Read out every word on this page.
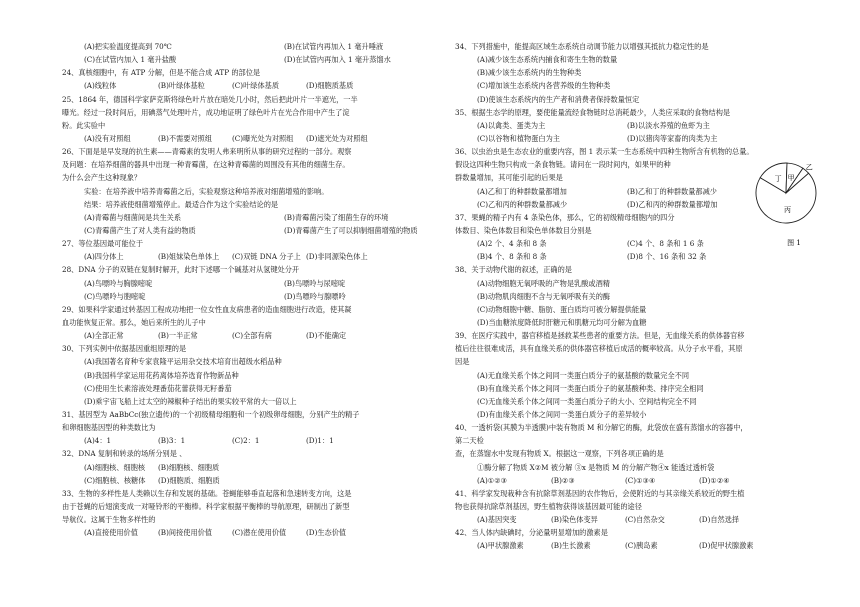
(A)把实验温度提高到 70℃	(B)在试管内再加入 1 毫升唾液
(C)在试管内加入 1 毫升盐酸	(D)在试管内再加入 1 毫升蒸馏水
24、真核细胞中，有 ATP 分解，但是不能合成 ATP 的部位是
(A)线粒体	(B)叶绿体基粒	(C)叶绿体基质	(D)细胞质基质
25、1864 年，德国科学家萨克斯将绿色叶片放在暗处几小时，然后把此叶片一半遮光，一半
曝光。经过一段时间后，用碘蒸气处理叶片，成功地证明了绿色叶片在光合作用中产生了淀
粉。此实验中
(A)没有对照组	(B)不需要对照组	(C)曝光处为对照组	(D)遮光处为对照组
26、下面是是早发现的抗生素——青霉素的发明人弗来明所从事的研究过程的一部分。观察
及问题：在培养细菌的器具中出现一种青霉菌，在这种青霉菌的周围没有其他的细菌生存。
为什么会产生这种现象？
实验：在培养液中培养青霉菌之后，实验观察这种培养液对细菌增殖的影响。
结果：培养液使细菌增殖停止。最适合作为这个实验结论的是
(A)青霉菌与细菌间是共生关系	(B)青霉菌污染了细菌生存的环境
(C)青霉菌产生了对人类有益的物质	(D)青霉菌产生了可以抑制细菌增殖的物质
27、等位基因最可能位于
(A)四分体上	(B)姐妹染色单体上	(C)双链 DNA 分子上 (D)非同源染色体上
28、DNA 分子的双链在复制时解开，此时下述哪一个碱基对从氢键处分开
(A)鸟嘌呤与胸腺嘧啶	(B)鸟嘌呤与尿嘧啶
(C)鸟嘌呤与胞嘧啶	(D)鸟嘌呤与腺嘌呤
29、如果科学家通过转基因工程成功地把一位女性血友病患者的造血细胞进行改造，使其凝
血功能恢复正常。那么，她后来所生的儿子中
(A)全部正常	(B)一半正常	(C)全部有病	(D)不能确定
30、下列实例中依据基因重组原理的是
(A)我国著名育种专家袁隆平运用杂交技术培育出超级水稻品种
(B)我国科学家运用花药离体培养选育作物新品种
(C)使用生长素溶液处理番茄花蕾获得无籽番茄
(D)乘宇宙飞船上过太空的辣椒种子结出的果实较平常的大一倍以上
31、基因型为 AaBbCc(独立遗传)的一个初级精母细胞和一个初级卵母细胞，分别产生的精子
和卵细胞基因型的种类数比为
(A)4：1	(B)3：1	(C)2：1	(D)1：1
32、DNA 复制和转录的场所分别是 、
(A)细胞核、细胞核	(B)细胞核、细胞质
(C)细胞核、核糖体	(D)细胞质、细胞质
33、生物的多样性是人类赖以生存和发展的基础。苍蝇能够垂直起落和急速转变方向，这是
由于苍蝇的后翅演变成一对哑铃形的平衡棒。科学家根据平衡棒的导航原理，研制出了新型
导航仪。这属于生物多样性的
(A)直接使用价值	(B)间接使用价值	(C)潜在使用价值	(D)生态价值
34、下列措施中，能提高区域生态系统自动调节能力以增强其抵抗力稳定性的是
(A)减少该生态系统内捕食和寄生生物的数量
(B)减少该生态系统内的生物种类
(C)增加该生态系统内各营养级的生物种类
(D)使该生态系统内的生产者和消费者保持数量恒定
35、根据生态学的原理，要使能量流经食物链时总消耗最少，人类应采取的食物结构是
(A)以禽类、蛋类为主	(B)以淡水养殖的鱼虾为主
(C)以谷物和植物蛋白为主	(D)以猪肉等家畜的肉类为主
36、以虫治虫是生态农业的重要内容，图 1 表示某一生态系统中四种生物所含有机物的总量。
假设这四种生物只构成一条食物链。请问在一段时间内，如果甲的种
群数量增加，其可能引起的后果是
(A)乙和丁的种群数量都增加	(B)乙和丁的种群数量都减少
(C)乙和丙的种群数量都减少	(D)乙和丙的种群数量都增加
37、果蝇的精子内有 4 条染色体，那么，它的初级精母细胞内的四分
体数目、染色体数目和染色单体数目分别是
(A)2 个、4 条和 8 条	(C)4 个、8 条和 1 6 条
(B)4 个、8 条和 8 条	(D)8 个、16 条和 32 条
38、关于动物代谢的叙述，正确的是
(A)动物细胞无氧呼吸的产物是乳酸或酒精
(B)动物肌肉细胞不含与无氧呼吸有关的酶
(C)动物细胞中糖、脂肪、蛋白质均可被分解提供能量
(D)当血糖浓度降低时肝糖元和肌糖元均可分解为血糖
39、在医疗实践中，器官移植是拯救某些患者的重要方法。但是，无血缘关系的供体器官移
植后往往很难成活，具有血缘关系的供体器官移植后成活的概率较高。从分子水平看，其原
因是
(A)无血缘关系个体之间同一类蛋白质分子的氨基酸的数量完全不同
(B)有血缘关系个体之间同一类蛋白质分子的氨基酸种类、排序完全相同
(C)无血缘关系个体之间同一类蛋白质分子的大小、空间结构完全不同
(D)有血缘关系个体之间同一类蛋白质分子的差异较小
40、一透析袋(其膜为半透膜)中装有物质 M 和分解它的酶，此袋放在盛有蒸馏水的容器中，
第二天检
查，在蒸馏水中发现有物质 X。根据这一观察，下列各项正确的是
①酶分解了物质 X②M 被分解 ③x 是物质 M 的分解产物④x 能透过透析袋
(A)①②③	(B)②③	(C)①③④	(D)①②④
41、科学家发现栽种含有抗除草剂基因的农作物后，会使附近的与其亲缘关系较近的野生植
物也获得抗除草剂基因，野生植物获得该基因最可能的途径
(A)基因突变	(B)染色体变异	(C)自然杂交	(D)自然选择
42、当人体内缺碘时，分泌量明显增加的激素是
(A)甲状腺激素	(B)生长激素	(C)胰岛素	(D)促甲状腺激素
丙
丁 甲
乙
图 1
